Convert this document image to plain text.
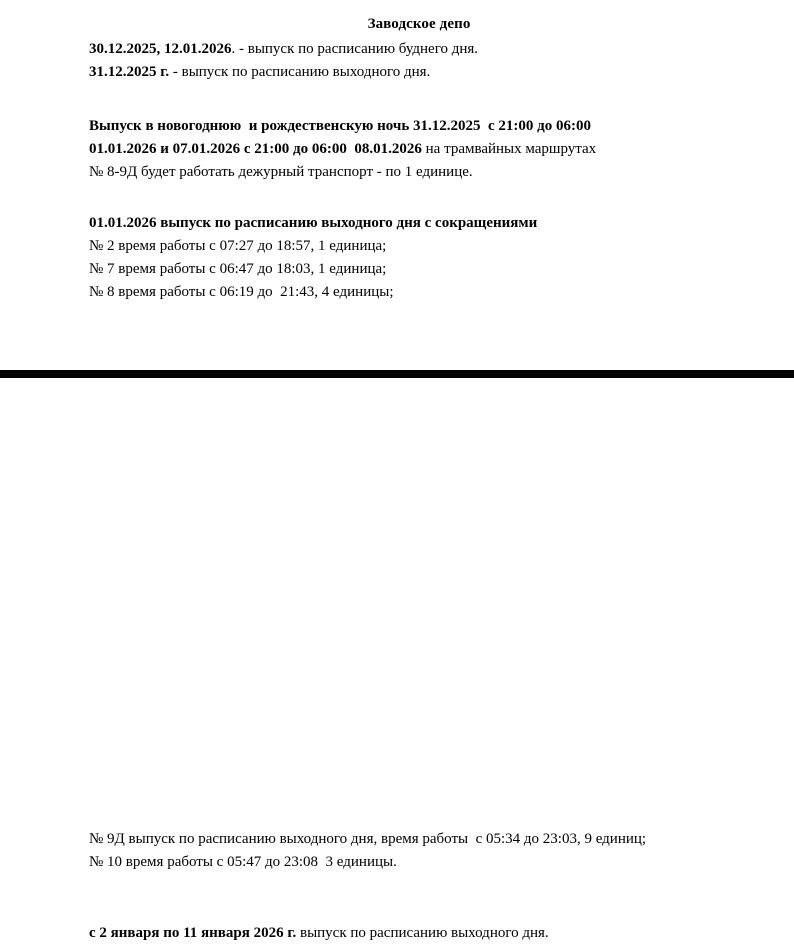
Заводское депо
30.12.2025, 12.01.2026. - выпуск по расписанию буднего дня.
31.12.2025 г. - выпуск по расписанию выходного дня.
Выпуск в новогоднюю  и рождественскую ночь 31.12.2025  с 21:00 до 06:00
01.01.2026 и 07.01.2026 с 21:00 до 06:00  08.01.2026 на трамвайных маршрутах
№ 8-9Д будет работать дежурный транспорт - по 1 единице.
01.01.2026 выпуск по расписанию выходного дня с сокращениями
№ 2 время работы с 07:27 до 18:57, 1 единица;
№ 7 время работы с 06:47 до 18:03, 1 единица;
№ 8 время работы с 06:19 до  21:43, 4 единицы;
№ 9Д выпуск по расписанию выходного дня, время работы  с 05:34 до 23:03, 9 единиц;
№ 10 время работы с 05:47 до 23:08  3 единицы.
с 2 января по 11 января 2026 г. выпуск по расписанию выходного дня.
